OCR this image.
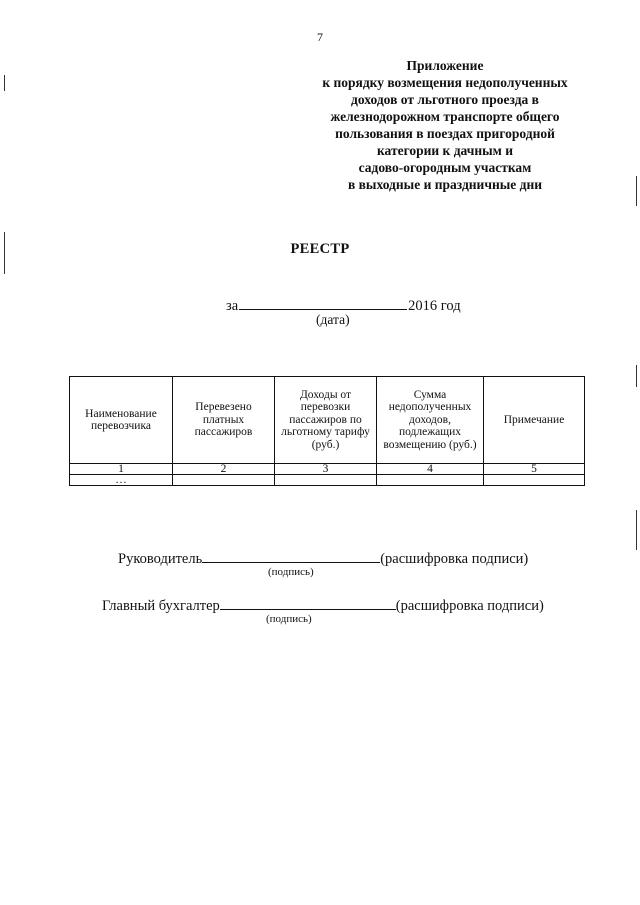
7
Приложение
к порядку возмещения недополученных
доходов от льготного проезда в
железнодорожном транспорте общего
пользования в поездах пригородной
категории к дачным и
садово-огородным участкам
в выходные и праздничные дни
РЕЕСТР
за	2016 год
(дата)
Наименование перевозчика	Перевезено платных пассажиров	Доходы от перевозки пассажиров по льготному тарифу (руб.)	Сумма недополученных доходов, подлежащих возмещению (руб.)	Примечание
1	2	3	4	5
…				
Руководитель	(расшифровка подписи)
(подпись)
Главный бухгалтер	(расшифровка подписи)
(подпись)
